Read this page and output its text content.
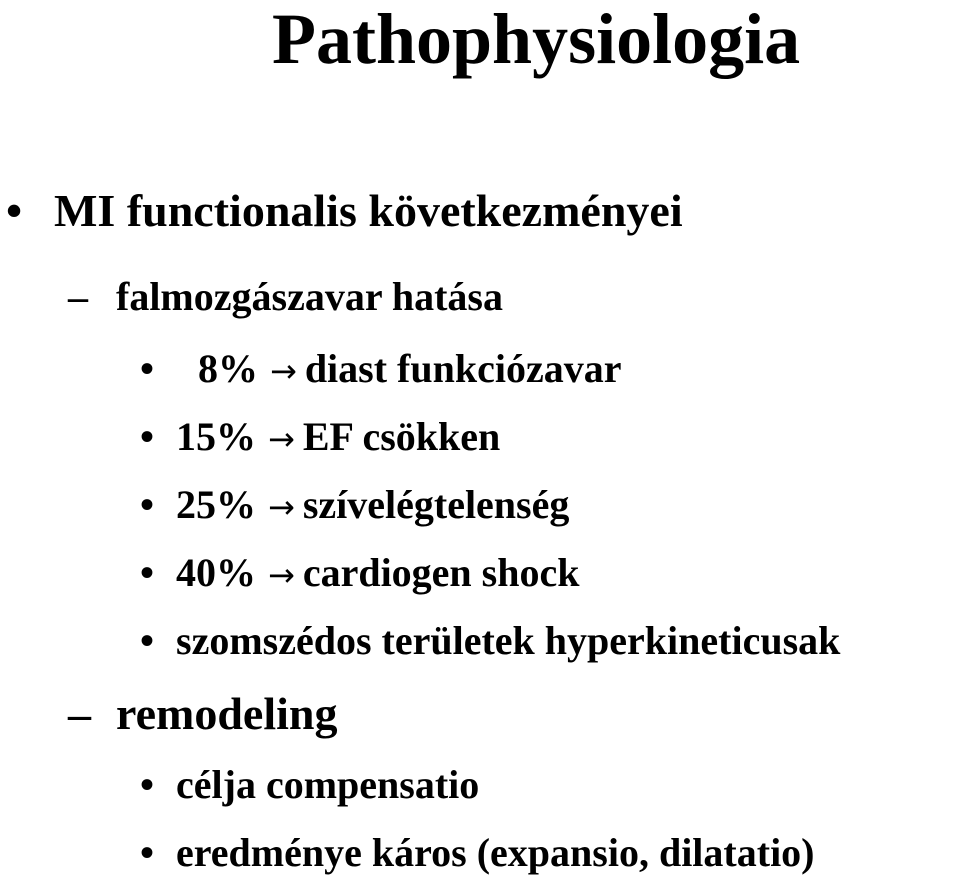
Pathophysiologia
• MI functionalis következményei
– falmozgászavar hatása
• 8% → diast funkciózavar
• 15% → EF csökken
• 25% → szívelégtelenség
• 40% → cardiogen shock
• szomszédos területek hyperkineticusak
– remodeling
• célja compensatio
• eredménye káros (expansio, dilatatio)
